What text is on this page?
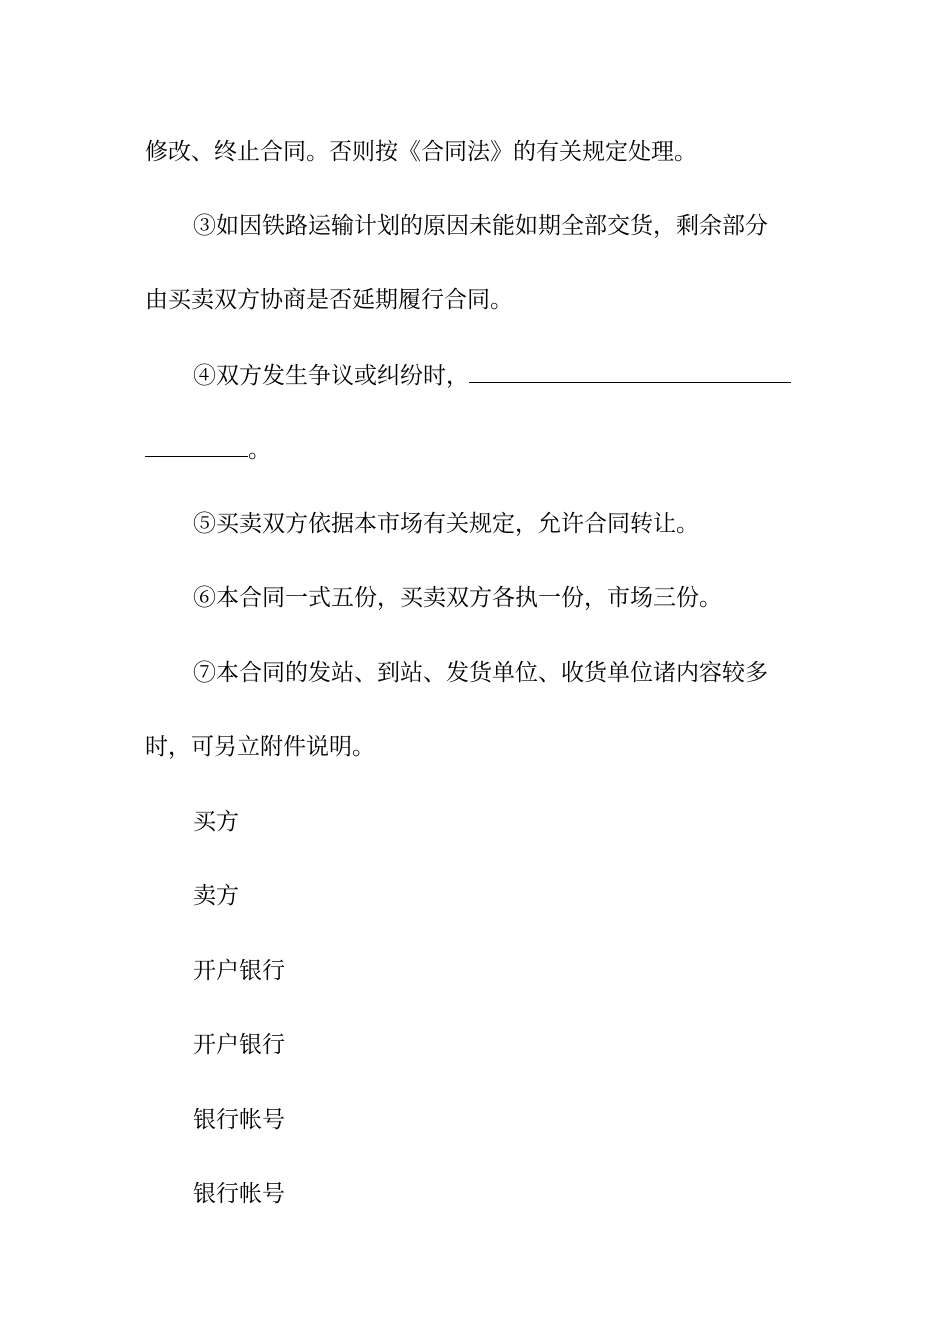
修改、终止合同。否则按《合同法》的有关规定处理。
③如因铁路运输计划的原因未能如期全部交货，剩余部分
由买卖双方协商是否延期履行合同。
④双方发生争议或纠纷时，
。
⑤买卖双方依据本市场有关规定，允许合同转让。
⑥本合同一式五份，买卖双方各执一份，市场三份。
⑦本合同的发站、到站、发货单位、收货单位诸内容较多
时，可另立附件说明。
买方
卖方
开户银行
开户银行
银行帐号
银行帐号
